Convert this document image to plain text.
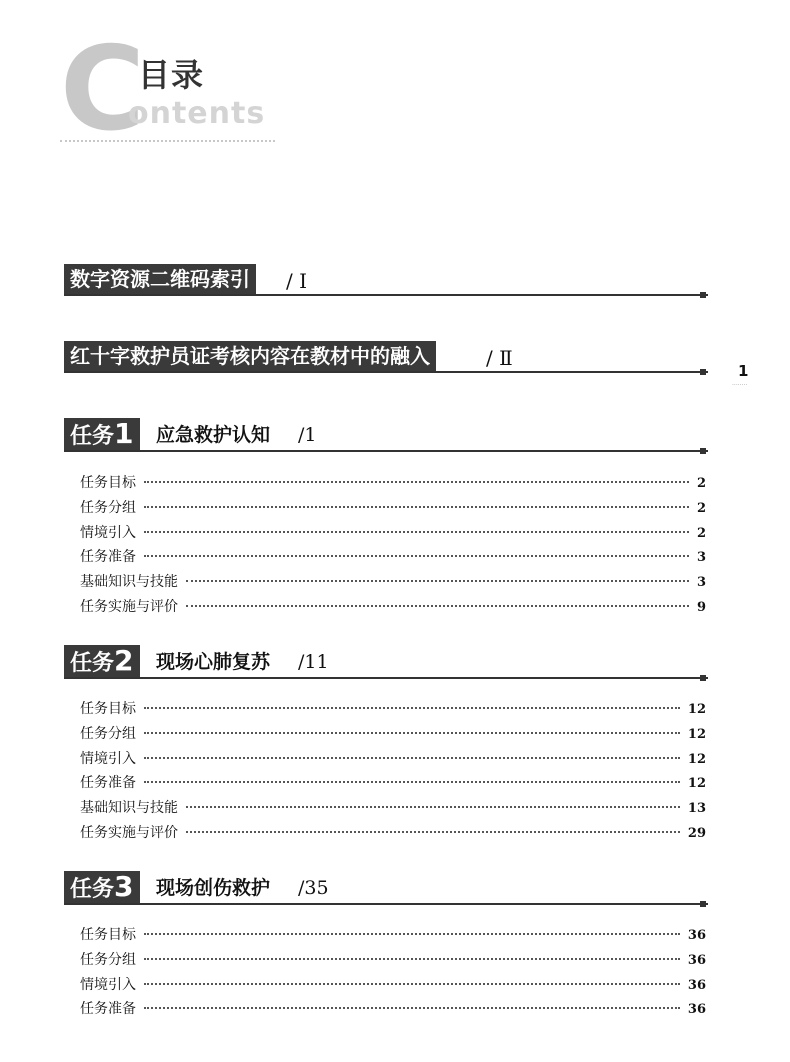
C
目录
ontents
数字资源二维码索引	/ I
红十字救护员证考核内容在教材中的融入	/ Ⅱ
1
········
任务1	应急救护认知 /1
任务目标	2
任务分组	2
情境引入	2
任务准备	3
基础知识与技能	3
任务实施与评价	9
任务2	现场心肺复苏 /11
任务目标	12
任务分组	12
情境引入	12
任务准备	12
基础知识与技能	13
任务实施与评价	29
任务3	现场创伤救护 /35
任务目标	36
任务分组	36
情境引入	36
任务准备	36
